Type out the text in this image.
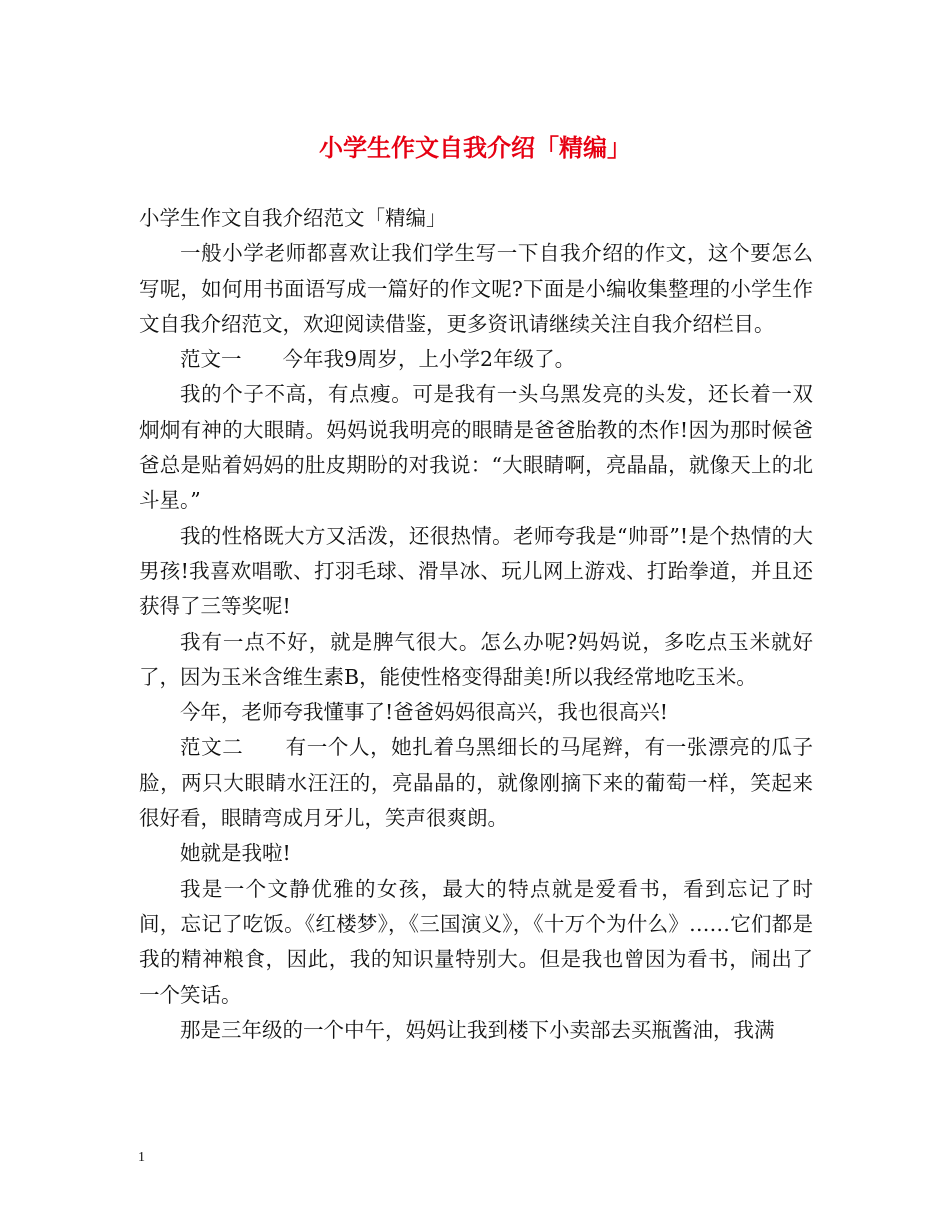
小学生作文自我介绍「精编」

小学生作文自我介绍范文「精编」

一般小学老师都喜欢让我们学生写一下自我介绍的作文，这个要怎么写呢，如何用书面语写成一篇好的作文呢?下面是小编收集整理的小学生作文自我介绍范文，欢迎阅读借鉴，更多资讯请继续关注自我介绍栏目。

范文一　　今年我9周岁，上小学2年级了。

我的个子不高，有点瘦。可是我有一头乌黑发亮的头发，还长着一双炯炯有神的大眼睛。妈妈说我明亮的眼睛是爸爸胎教的杰作!因为那时候爸爸总是贴着妈妈的肚皮期盼的对我说：“大眼睛啊，亮晶晶，就像天上的北斗星。”

我的性格既大方又活泼，还很热情。老师夸我是“帅哥”!是个热情的大男孩!我喜欢唱歌、打羽毛球、滑旱冰、玩儿网上游戏、打跆拳道，并且还获得了三等奖呢!

我有一点不好，就是脾气很大。怎么办呢?妈妈说，多吃点玉米就好了，因为玉米含维生素B，能使性格变得甜美!所以我经常地吃玉米。

今年，老师夸我懂事了!爸爸妈妈很高兴，我也很高兴!

范文二　　有一个人，她扎着乌黑细长的马尾辫，有一张漂亮的瓜子脸，两只大眼睛水汪汪的，亮晶晶的，就像刚摘下来的葡萄一样，笑起来很好看，眼睛弯成月牙儿，笑声很爽朗。

她就是我啦!

我是一个文静优雅的女孩，最大的特点就是爱看书，看到忘记了时间，忘记了吃饭。《红楼梦》，《三国演义》，《十万个为什么》……它们都是我的精神粮食，因此，我的知识量特别大。但是我也曾因为看书，闹出了一个笑话。

那是三年级的一个中午，妈妈让我到楼下小卖部去买瓶酱油，我满

1
